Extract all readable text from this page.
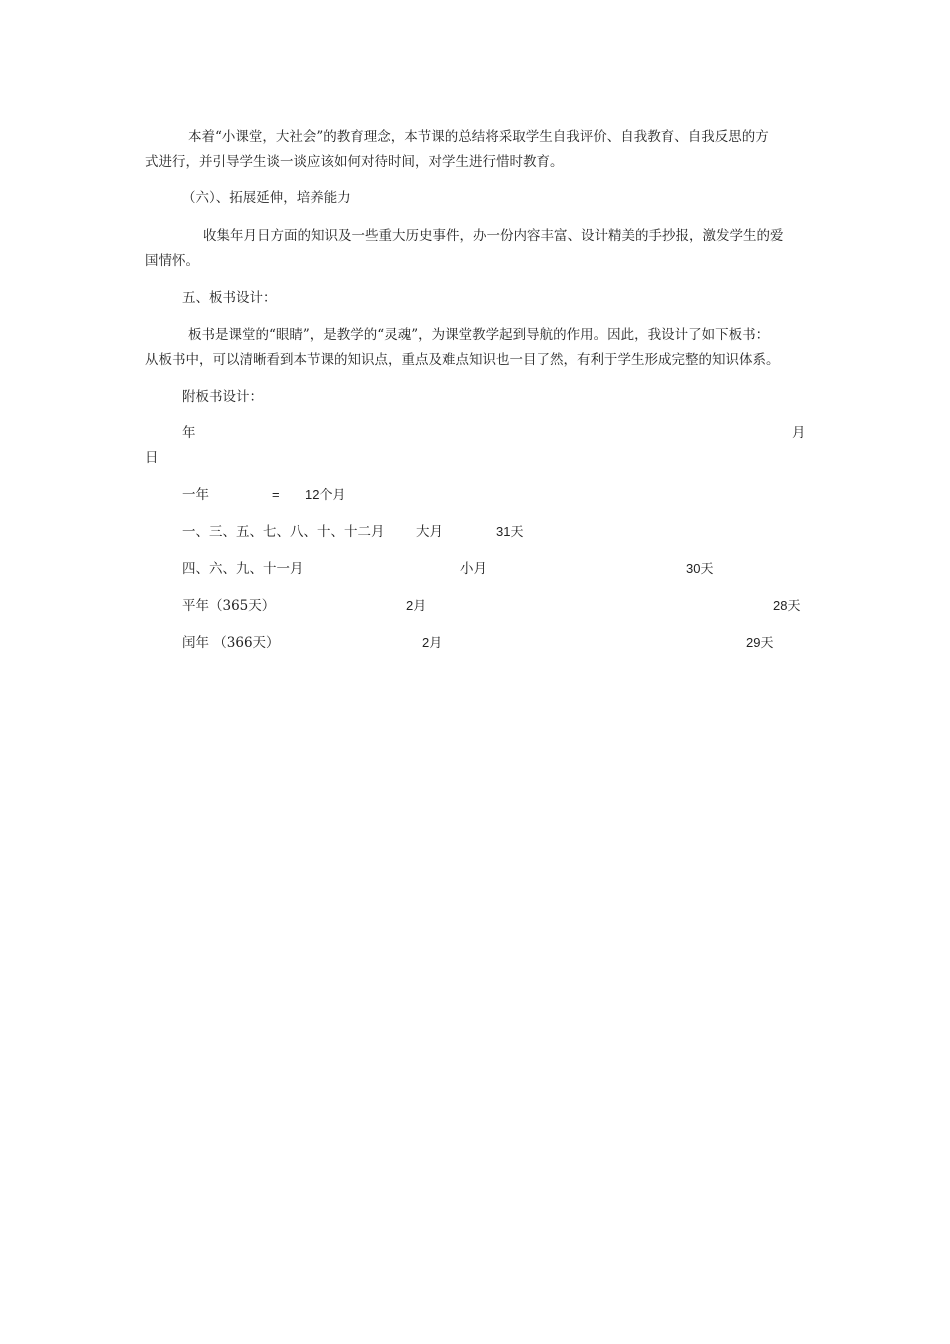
本着“小课堂，大社会”的教育理念，本节课的总结将采取学生自我评价、自我教育、自我反思的方
式进行，并引导学生谈一谈应该如何对待时间，对学生进行惜时教育。
（六）、拓展延伸，培养能力
收集年月日方面的知识及一些重大历史事件，办一份内容丰富、设计精美的手抄报，激发学生的爱
国情怀。
五、板书设计：
板书是课堂的“眼睛”，是教学的“灵魂”，为课堂教学起到导航的作用。因此，我设计了如下板书：
从板书中，可以清晰看到本节课的知识点，重点及难点知识也一目了然，有利于学生形成完整的知识体系。
附板书设计：
年	月
日
一年	= 12个月
一、三、五、七、八、十、十二月 大月	31天
四、六、九、十一月	小月	30天
平年（365天）	2月	28天
闰年 （366天）	2月	29天
